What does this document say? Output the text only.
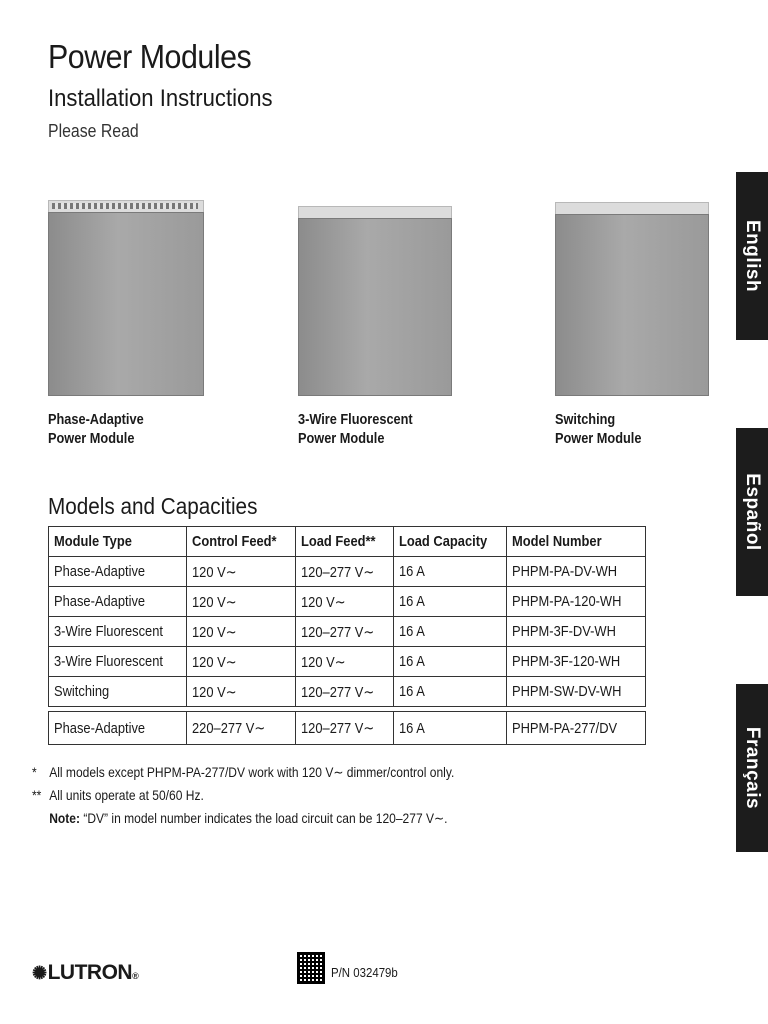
Power Modules
Installation Instructions
Please Read
English
Español
Français
Phase-Adaptive
Power Module
3-Wire Fluorescent
Power Module
Switching
Power Module
Models and Capacities
Module Type	Control Feed*	Load Feed**	Load Capacity	Model Number
Phase-Adaptive	120 V∼	120–277 V∼	16 A	PHPM-PA-DV-WH
Phase-Adaptive	120 V∼	120 V∼	16 A	PHPM-PA-120-WH
3-Wire Fluorescent	120 V∼	120–277 V∼	16 A	PHPM-3F-DV-WH
3-Wire Fluorescent	120 V∼	120 V∼	16 A	PHPM-3F-120-WH
Switching	120 V∼	120–277 V∼	16 A	PHPM-SW-DV-WH

Phase-Adaptive	220–277 V∼	120–277 V∼	16 A	PHPM-PA-277/DV
* All models except PHPM-PA-277/DV work with 120 V∼ dimmer/control only.
** All units operate at 50/60 Hz.
Note: “DV” in model number indicates the load circuit can be 120–277 V∼.
✺LUTRON®	P/N 032479b
